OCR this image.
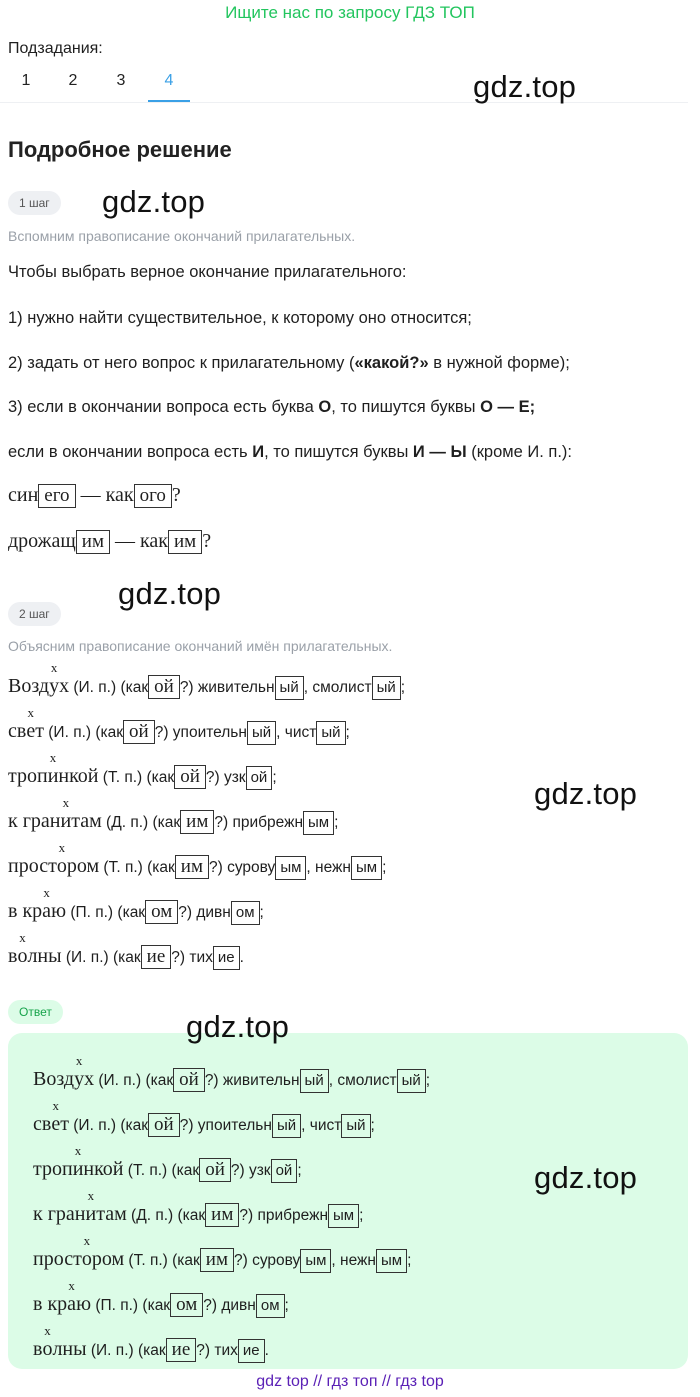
Ищите нас по запросу ГДЗ ТОП
Подзадания:
1	2	3	4	gdz.top
Подробное решение
1 шаг	gdz.top
Вспомним правописание окончаний прилагательных.
Чтобы выбрать верное окончание прилагательного:
1) нужно найти существительное, к которому оно относится;
2) задать от него вопрос к прилагательному («какой?» в нужной форме);
3) если в окончании вопроса есть буква О, то пишутся буквы О — Е;
если в окончании вопроса есть И, то пишутся буквы И — Ы (кроме И. п.):
син его — как ого ?
дрожащ им — как им ?
2 шаг
gdz.top
Объясним правописание окончаний имён прилагательных.
Воздx ух (И. п.) (как ой ?) живительн ый , смолист ый ;
свx ет (И. п.) (как ой ?) упоительн ый , чист ый ;
тропx инкой (Т. п.) (как ой ?) узк ой ;
к гранx итам (Д. п.) (как им ?) прибрежн ым ;
простx ором (Т. п.) (как им ?) сурову ым , нежн ым ;
в крx аю (П. п.) (как ом ?) дивн ом ;
вx олны (И. п.) (как ие ?) тих ие .
gdz.top
Ответ	gdz.top
Воздx ух (И. п.) (как ой ?) живительн ый , смолист ый ;
свx ет (И. п.) (как ой ?) упоительн ый , чист ый ;
тропx инкой (Т. п.) (как ой ?) узк ой ;
к гранx итам (Д. п.) (как им ?) прибрежн ым ;
простx ором (Т. п.) (как им ?) сурову ым , нежн ым ;
в крx аю (П. п.) (как ом ?) дивн ом ;
вx олны (И. п.) (как ие ?) тих ие .
gdz.top
gdz top // гдз топ // гдз top
